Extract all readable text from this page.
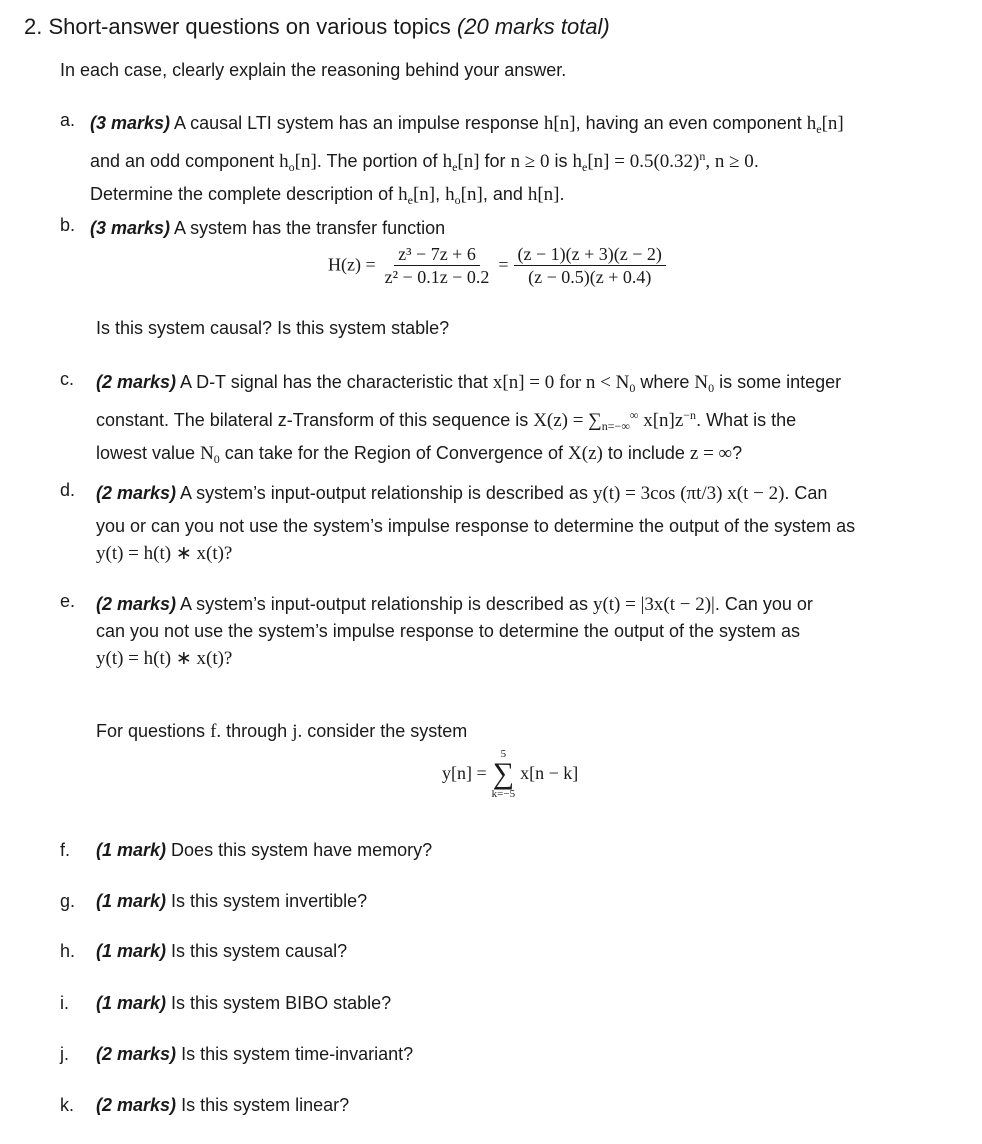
2. Short-answer questions on various topics (20 marks total)
In each case, clearly explain the reasoning behind your answer.
a. (3 marks) A causal LTI system has an impulse response h[n], having an even component $h_e[n]$
and an odd component $h_o[n]$. The portion of $h_e[n]$ for n ≥ 0 is $h_e[n] = 0.5(0.32)^n$, n ≥ 0.
Determine the complete description of $h_e[n]$, $h_o[n]$, and h[n].
b. (3 marks) A system has the transfer function
c. (2 marks) A D-T signal has the characteristic that x[n] = 0 for $n < N_0$ where $N_0$ is some integer
constant. The bilateral z-Transform of this sequence is $X(z) = \sum_{n=-\infty}^\infty$ $x[n]z^{-n}$. What is the
lowest value $N_0$ can take for the Region of Convergence of X(z) to include z = ∞?
d. (2 marks) A system’s input-output relationship is described as y(t) = 3cos (πt/3) x(t − 2). Can
you or can you not use the system’s impulse response to determine the output of the system as
y(t) = h(t) ∗ x(t)?
e. (2 marks) A system’s input-output relationship is described as y(t) = |3x(t − 2)|. Can you or
can you not use the system’s impulse response to determine the output of the system as
y(t) = h(t) ∗ x(t)?
$H(z) = \frac{\text{z³ − 7z + 6}}{\text{z² − 0.1z − 0.2}} = \frac{(z - 1)(z + 3)(z - 2)}{(z - 0.5)(z + 0.4)}$
Is this system causal? Is this system stable?
For questions f. through j. consider the system
y[n] =
5
∑
k=−5
x[n − k]
f. (1 mark) Does this system have memory?
g. (1 mark) Is this system invertible?
h. (1 mark) Is this system causal?
i. (1 mark) Is this system BIBO stable?
j. (2 marks) Is this system time-invariant?
k. (2 marks) Is this system linear?
